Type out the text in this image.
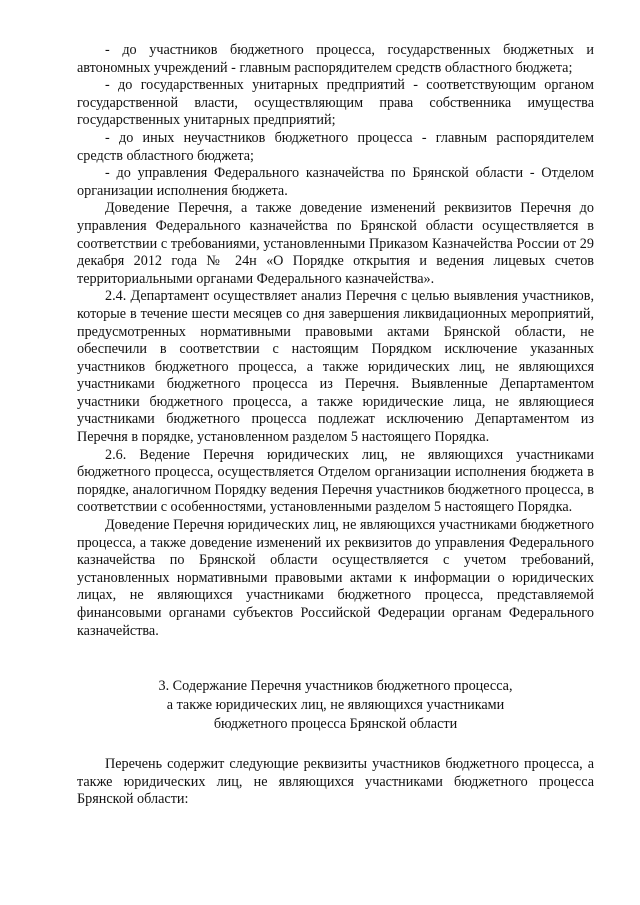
- до участников бюджетного процесса, государственных бюджетных и автономных учреждений - главным распорядителем средств областного бюджета;

- до государственных унитарных предприятий - соответствующим органом государственной власти, осуществляющим права собственника имущества государственных унитарных предприятий;

- до иных неучастников бюджетного процесса - главным распорядителем средств областного бюджета;

- до управления Федерального казначейства по Брянской области - Отделом организации исполнения бюджета.

Доведение Перечня, а также доведение изменений реквизитов Перечня до управления Федерального казначейства по Брянской области осуществляется в соответствии с требованиями, установленными Приказом Казначейства России от 29 декабря 2012 года № 24н «О Порядке открытия и ведения лицевых счетов территориальными органами Федерального казначейства».

2.4. Департамент осуществляет анализ Перечня с целью выявления участников, которые в течение шести месяцев со дня завершения ликвидационных мероприятий, предусмотренных нормативными правовыми актами Брянской области, не обеспечили в соответствии с настоящим Порядком исключение указанных участников бюджетного процесса, а также юридических лиц, не являющихся участниками бюджетного процесса из Перечня. Выявленные Департаментом участники бюджетного процесса, а также юридические лица, не являющиеся участниками бюджетного процесса подлежат исключению Департаментом из Перечня в порядке, установленном разделом 5 настоящего Порядка.

2.6. Ведение Перечня юридических лиц, не являющихся участниками бюджетного процесса, осуществляется Отделом организации исполнения бюджета в порядке, аналогичном Порядку ведения Перечня участников бюджетного процесса, в соответствии с особенностями, установленными разделом 5 настоящего Порядка.

Доведение Перечня юридических лиц, не являющихся участниками бюджетного процесса, а также доведение изменений их реквизитов до управления Федерального казначейства по Брянской области осуществляется с учетом требований, установленных нормативными правовыми актами к информации о юридических лицах, не являющихся участниками бюджетного процесса, представляемой финансовыми органами субъектов Российской Федерации органам Федерального казначейства.

3. Содержание Перечня участников бюджетного процесса,
а также юридических лиц, не являющихся участниками
бюджетного процесса Брянской области

Перечень содержит следующие реквизиты участников бюджетного процесса, а также юридических лиц, не являющихся участниками бюджетного процесса Брянской области:
